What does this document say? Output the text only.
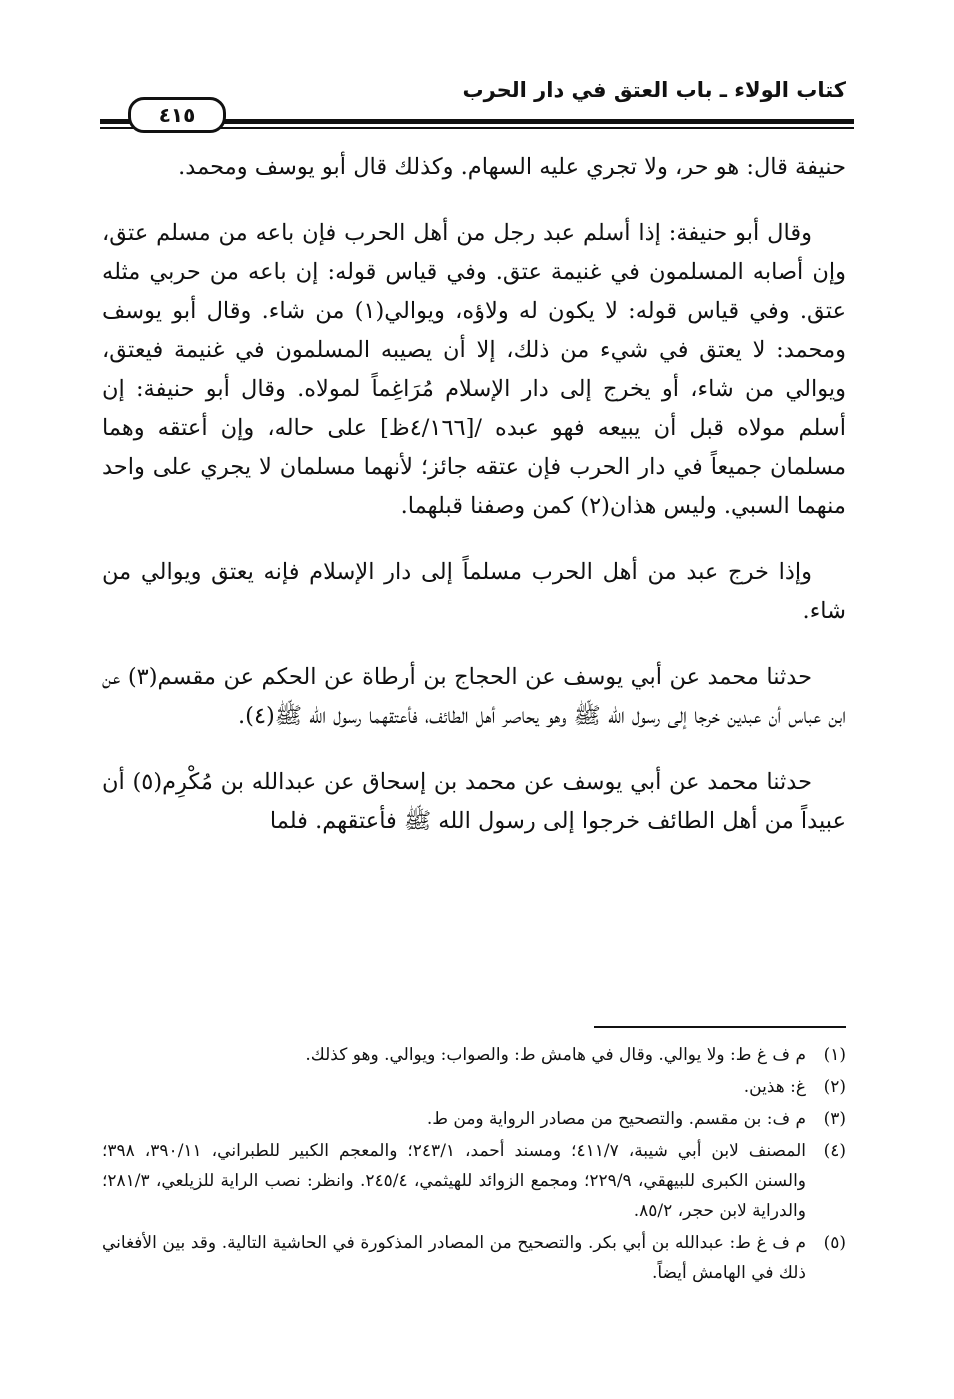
كتاب الولاء ـ باب العتق في دار الحرب
٤١٥

حنيفة قال: هو حر، ولا تجري عليه السهام. وكذلك قال أبو يوسف ومحمد.

وقال أبو حنيفة: إذا أسلم عبد رجل من أهل الحرب فإن باعه من مسلم عتق، وإن أصابه المسلمون في غنيمة عتق. وفي قياس قوله: إن باعه من حربي مثله عتق. وفي قياس قوله: لا يكون له ولاؤه، ويوالي(١) من شاء. وقال أبو يوسف ومحمد: لا يعتق في شيء من ذلك، إلا أن يصيبه المسلمون في غنيمة فيعتق، ويوالي من شاء، أو يخرج إلى دار الإسلام مُرَاغِماً لمولاه. وقال أبو حنيفة: إن أسلم مولاه قبل أن يبيعه فهو عبده /[٤/١٦٦ظ] على حاله، وإن أعتقه وهما مسلمان جميعاً في دار الحرب فإن عتقه جائز؛ لأنهما مسلمان لا يجري على واحد منهما السبي. وليس هذان(٢) كمن وصفنا قبلهما.

وإذا خرج عبد من أهل الحرب مسلماً إلى دار الإسلام فإنه يعتق ويوالي من شاء.

حدثنا محمد عن أبي يوسف عن الحجاج بن أرطاة عن الحكم عن مقسم(٣) عن ابن عباس أن عبدين خرجا إلى رسول الله ﷺ وهو يحاصر أهل الطائف، فأعتقهما رسول الله ﷺ(٤).

حدثنا محمد عن أبي يوسف عن محمد بن إسحاق عن عبدالله بن مُكْرِم(٥) أن عبيداً من أهل الطائف خرجوا إلى رسول الله ﷺ فأعتقهم. فلما

(١)
م ف غ ط: ولا يوالي. وقال في هامش ط: والصواب: ويوالي. وهو كذلك.
(٢)
غ: هذين.
(٣)
م ف: بن مقسم. والتصحيح من مصادر الرواية ومن ط.
(٤)
المصنف لابن أبي شيبة، ٤١١/٧؛ ومسند أحمد، ٢٤٣/١؛ والمعجم الكبير للطبراني، ٣٩٠/١١، ٣٩٨؛ والسنن الكبرى للبيهقي، ٢٢٩/٩؛ ومجمع الزوائد للهيثمي، ٢٤٥/٤. وانظر: نصب الراية للزيلعي، ٢٨١/٣؛ والدراية لابن حجر، ٨٥/٢.
(٥)
م ف غ ط: عبدالله بن أبي بكر. والتصحيح من المصادر المذكورة في الحاشية التالية. وقد بين الأفغاني ذلك في الهامش أيضاً.
